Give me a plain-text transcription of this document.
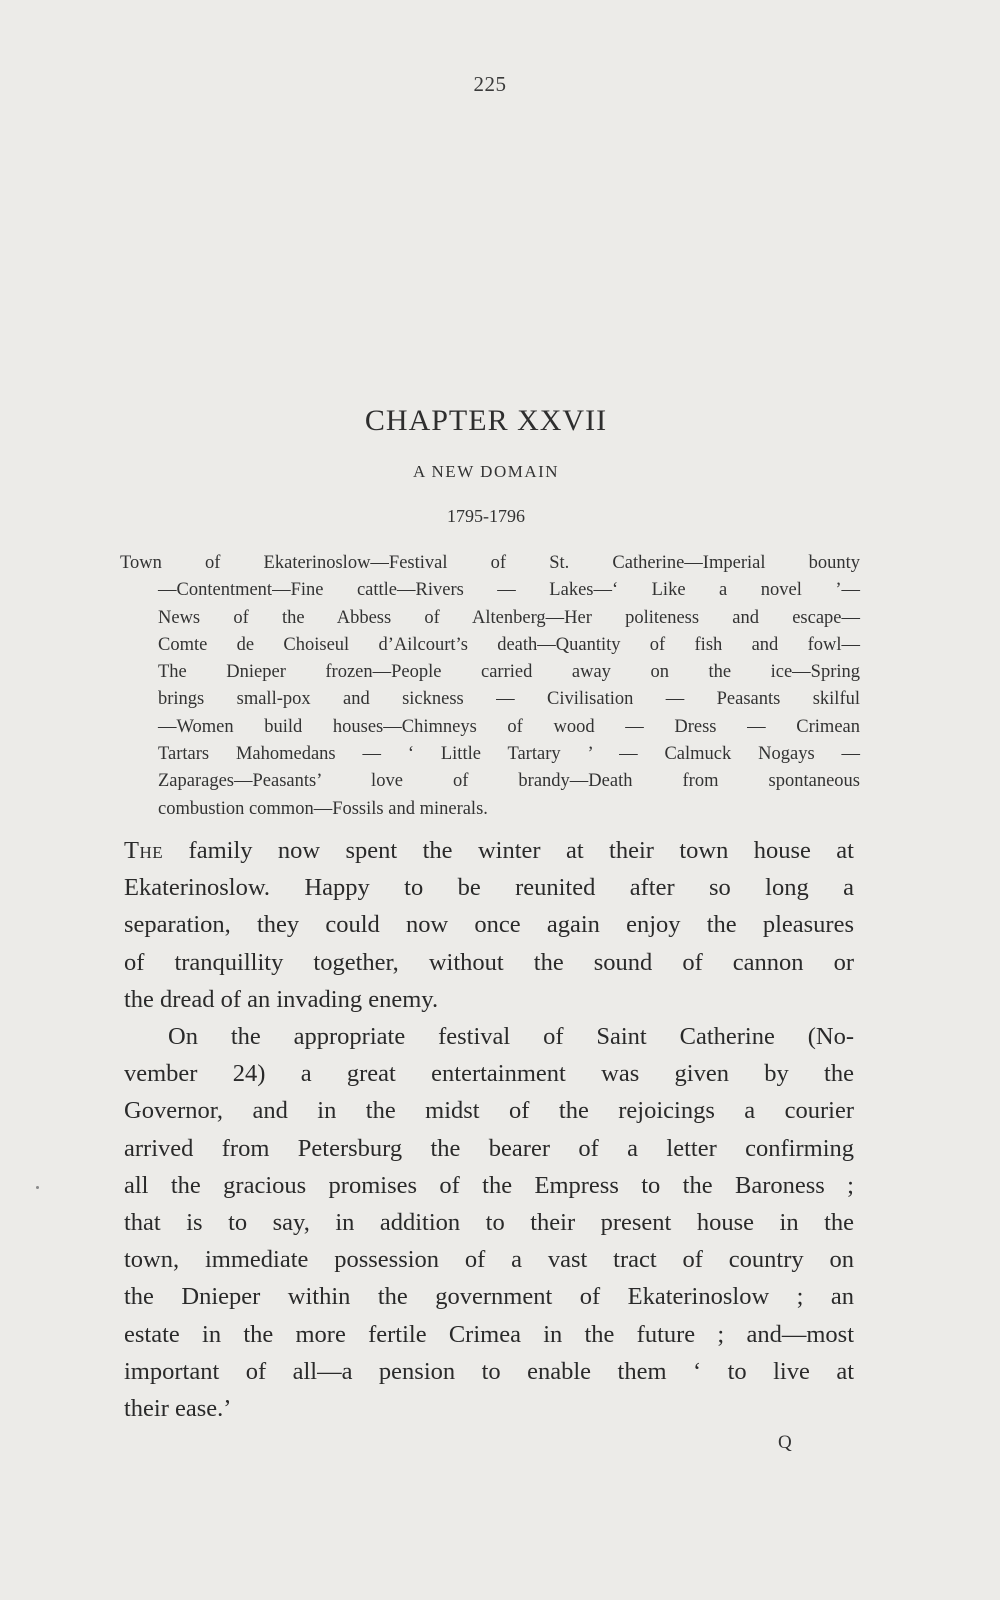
225
CHAPTER XXVII
A NEW DOMAIN
1795-1796
Town of Ekaterinoslow—Festival of St. Catherine—Imperial bounty
—Contentment—Fine cattle—Rivers — Lakes—‘ Like a novel ’—
News of the Abbess of Altenberg—Her politeness and escape—
Comte de Choiseul d’Ailcourt’s death—Quantity of fish and fowl—
The Dnieper frozen—People carried away on the ice—Spring
brings small-pox and sickness — Civilisation — Peasants skilful
—Women build houses—Chimneys of wood — Dress — Crimean
Tartars Mahomedans — ‘ Little Tartary ’ — Calmuck Nogays —
Zaparages—Peasants’ love of brandy—Death from spontaneous
combustion common—Fossils and minerals.
The family now spent the winter at their town house at
Ekaterinoslow. Happy to be reunited after so long a
separation, they could now once again enjoy the pleasures
of tranquillity together, without the sound of cannon or
the dread of an invading enemy.
On the appropriate festival of Saint Catherine (No-
vember 24) a great entertainment was given by the
Governor, and in the midst of the rejoicings a courier
arrived from Petersburg the bearer of a letter confirming
all the gracious promises of the Empress to the Baroness ;
that is to say, in addition to their present house in the
town, immediate possession of a vast tract of country on
the Dnieper within the government of Ekaterinoslow ; an
estate in the more fertile Crimea in the future ; and—most
important of all—a pension to enable them ‘ to live at
their ease.’
Q
